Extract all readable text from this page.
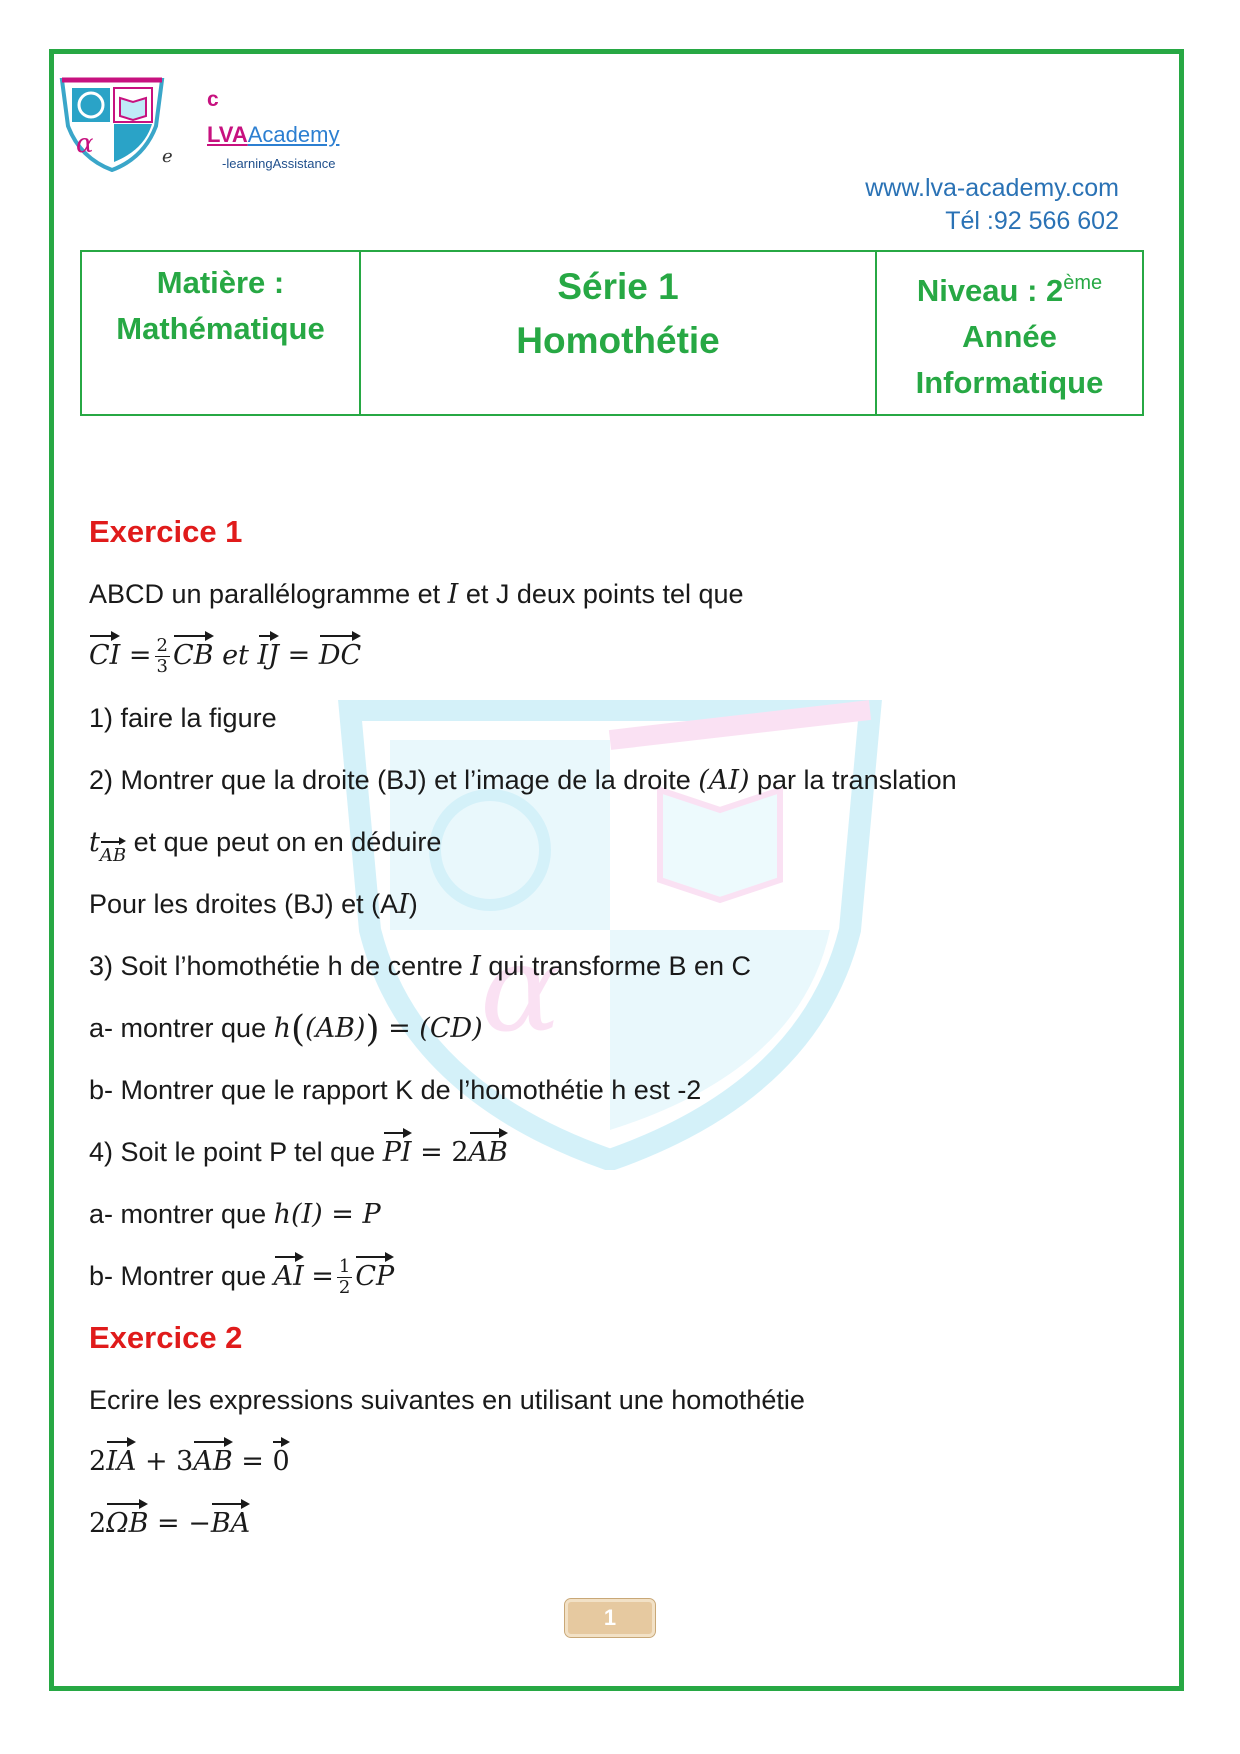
α
α	e
c
LVAAcademy
-learningAssistance
www.lva-academy.com
Tél :92 566 602
Matière :
Mathématique
Série 1
Homothétie
Niveau : 2ème
Année
Informatique

Exercice 1

ABCD un parallélogramme et I et J deux points tel que

CI = $\frac{2}{3}$ CB et IJ = DC

1) faire la figure

2) Montrer que la droite (BJ) et l’image de la droite (AI) par la translation

tAB et que peut on en déduire

Pour les droites (BJ) et (AI)

3) Soit l’homothétie h de centre I qui transforme B en C

a- montrer que h((AB)) = (CD)

b- Montrer que le rapport K de l’homothétie h est -2

4) Soit le point P tel que PI = 2AB

a- montrer que h(I) = P

b- Montrer que AI = $\frac{1}{2}$ CP

Exercice 2

Ecrire les expressions suivantes en utilisant une homothétie

2IA + 3AB = 0

2ΩB = −BA

1
